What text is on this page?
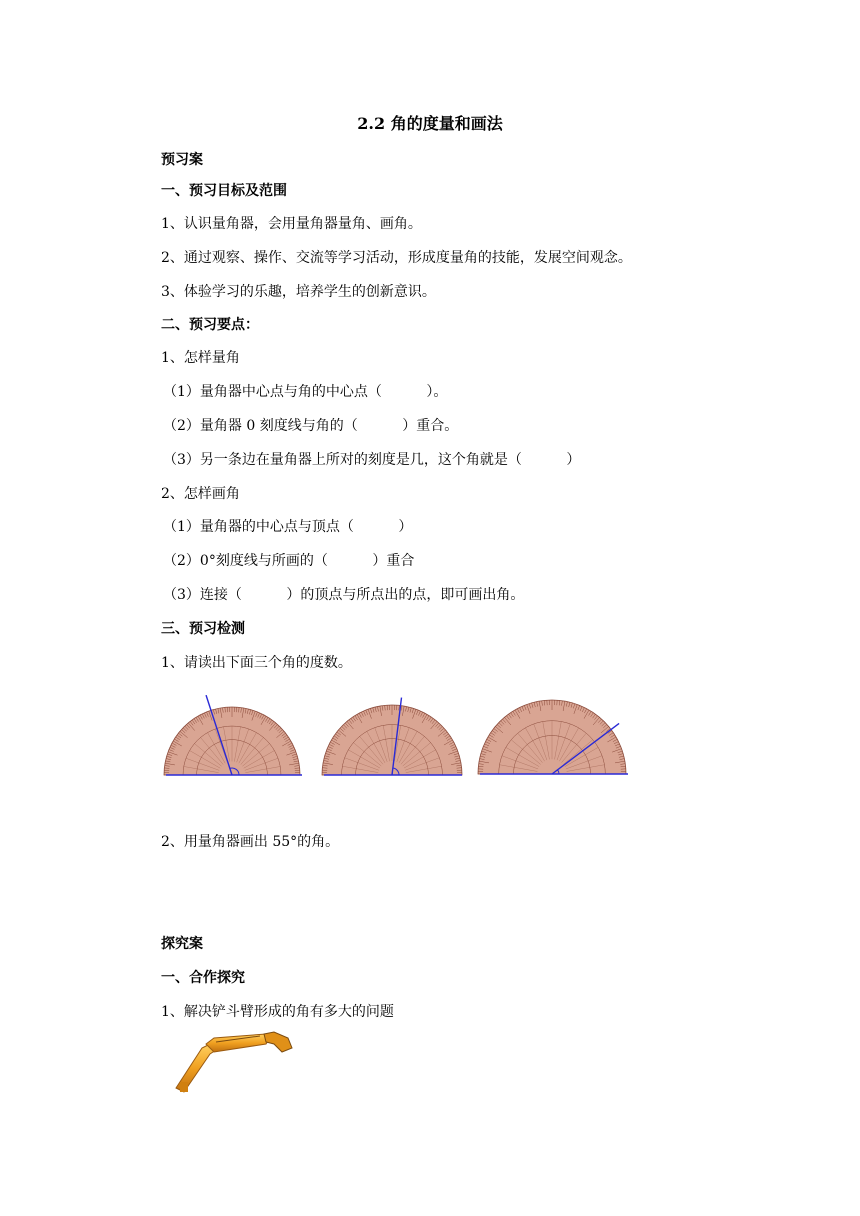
2.2 角的度量和画法
预习案
一、预习目标及范围
1、认识量角器，会用量角器量角、画角。
2、通过观察、操作、交流等学习活动，形成度量角的技能，发展空间观念。
3、体验学习的乐趣，培养学生的创新意识。
二、预习要点：
1、怎样量角
（1）量角器中心点与角的中心点（          ）。
（2）量角器 0 刻度线与角的（          ）重合。
（3）另一条边在量角器上所对的刻度是几，这个角就是（          ）
2、怎样画角
（1）量角器的中心点与顶点（          ）
（2）0°刻度线与所画的（          ）重合
（3）连接（          ）的顶点与所点出的点，即可画出角。
三、预习检测
1、请读出下面三个角的度数。
2、用量角器画出 55°的角。
探究案
一、合作探究
1、解决铲斗臂形成的角有多大的问题
